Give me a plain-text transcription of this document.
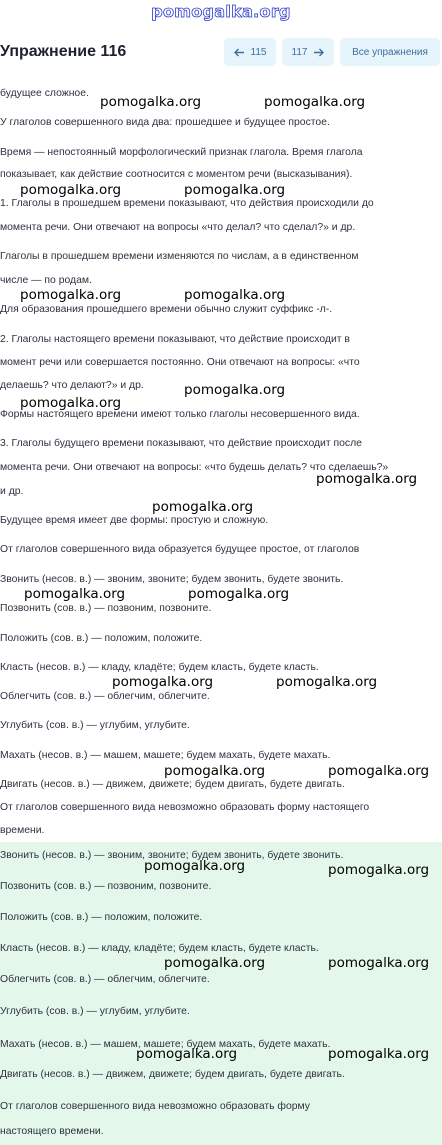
pomogalka.org
Упражнение 116	115	117	Все упражнения
будущее сложное.
У глаголов совершенного вида два: прошедшее и будущее простое.
Время — непостоянный морфологический признак глагола. Время глагола
показывает, как действие соотносится с моментом речи (высказывания).
1. Глаголы в прошедшем времени показывают, что действия происходили до
момента речи. Они отвечают на вопросы «что делал? что сделал?» и др.
Глаголы в прошедшем времени изменяются по числам, а в единственном
числе — по родам.
Для образования прошедшего времени обычно служит суффикс -л-.
2. Глаголы настоящего времени показывают, что действие происходит в
момент речи или совершается постоянно. Они отвечают на вопросы: «что
делаешь? что делают?» и др.
Формы настоящего времени имеют только глаголы несовершенного вида.
3. Глаголы будущего времени показывают, что действие происходит после
момента речи. Они отвечают на вопросы: «что будешь делать? что сделаешь?»
и др.
Будущее время имеет две формы: простую и сложную.
От глаголов совершенного вида образуется будущее простое, от глаголов
Звонить (несов. в.) — звоним, звоните; будем звонить, будете звонить.
Позвонить (сов. в.) — позвоним, позвоните.
Положить (сов. в.) — положим, положите.
Класть (несов. в.) — кладу, кладёте; будем класть, будете класть.
Облегчить (сов. в.) — облегчим, облегчите.
Углубить (сов. в.) — углубим, углубите.
Махать (несов. в.) — машем, машете; будем махать, будете махать.
Двигать (несов. в.) — движем, движете; будем двигать, будете двигать.
От глаголов совершенного вида невозможно образовать форму настоящего
времени.
Звонить (несов. в.) — звоним, звоните; будем звонить, будете звонить.
Позвонить (сов. в.) — позвоним, позвоните.
Положить (сов. в.) — положим, положите.
Класть (несов. в.) — кладу, кладёте; будем класть, будете класть.
Облегчить (сов. в.) — облегчим, облегчите.
Углубить (сов. в.) — углубим, углубите.
Махать (несов. в.) — машем, машете; будем махать, будете махать.
Двигать (несов. в.) — движем, движете; будем двигать, будете двигать.
От глаголов совершенного вида невозможно образовать форму
настоящего времени.
pomogalka.org	pomogalka.org
pomogalka.org	pomogalka.org
pomogalka.org	pomogalka.org
pomogalka.org
pomogalka.org
pomogalka.org
pomogalka.org
pomogalka.org	pomogalka.org
pomogalka.org	pomogalka.org
pomogalka.org	pomogalka.org
pomogalka.org	pomogalka.org
pomogalka.org	pomogalka.org
pomogalka.org	pomogalka.org
